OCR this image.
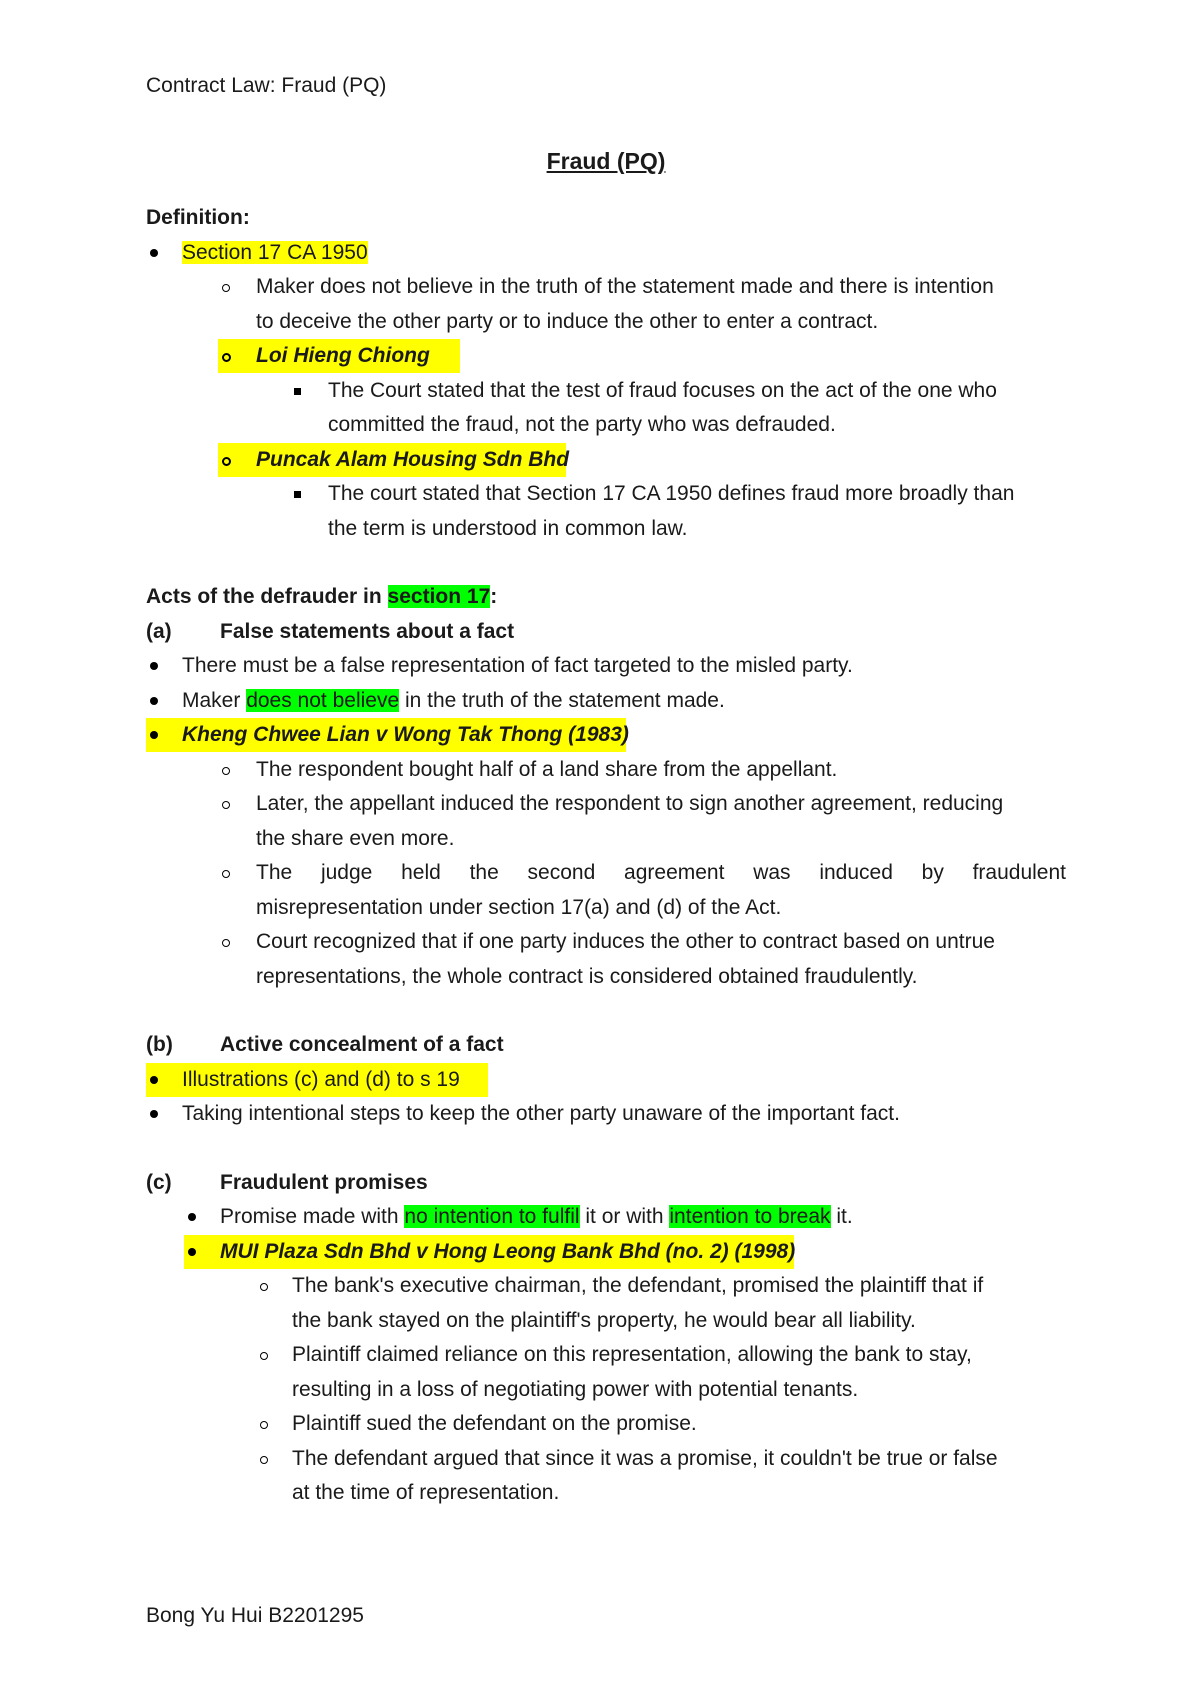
Contract Law: Fraud (PQ)
Fraud (PQ)
Definition:
Section 17 CA 1950
Maker does not believe in the truth of the statement made and there is intention
to deceive the other party or to induce the other to enter a contract.
Loi Hieng Chiong
The Court stated that the test of fraud focuses on the act of the one who
committed the fraud, not the party who was defrauded.
Puncak Alam Housing Sdn Bhd
The court stated that Section 17 CA 1950 defines fraud more broadly than
the term is understood in common law.
Acts of the defrauder in section 17:
(a) False statements about a fact
There must be a false representation of fact targeted to the misled party.
Maker does not believe in the truth of the statement made.
Kheng Chwee Lian v Wong Tak Thong (1983)
The respondent bought half of a land share from the appellant.
Later, the appellant induced the respondent to sign another agreement, reducing
the share even more.
The judge held the second agreement was induced by fraudulent
misrepresentation under section 17(a) and (d) of the Act.
Court recognized that if one party induces the other to contract based on untrue
representations, the whole contract is considered obtained fraudulently.
(b) Active concealment of a fact
Illustrations (c) and (d) to s 19
Taking intentional steps to keep the other party unaware of the important fact.
(c) Fraudulent promises
Promise made with no intention to fulfil it or with intention to break it.
MUI Plaza Sdn Bhd v Hong Leong Bank Bhd (no. 2) (1998)
The bank's executive chairman, the defendant, promised the plaintiff that if
the bank stayed on the plaintiff's property, he would bear all liability.
Plaintiff claimed reliance on this representation, allowing the bank to stay,
resulting in a loss of negotiating power with potential tenants.
Plaintiff sued the defendant on the promise.
The defendant argued that since it was a promise, it couldn't be true or false
at the time of representation.
Bong Yu Hui B2201295
